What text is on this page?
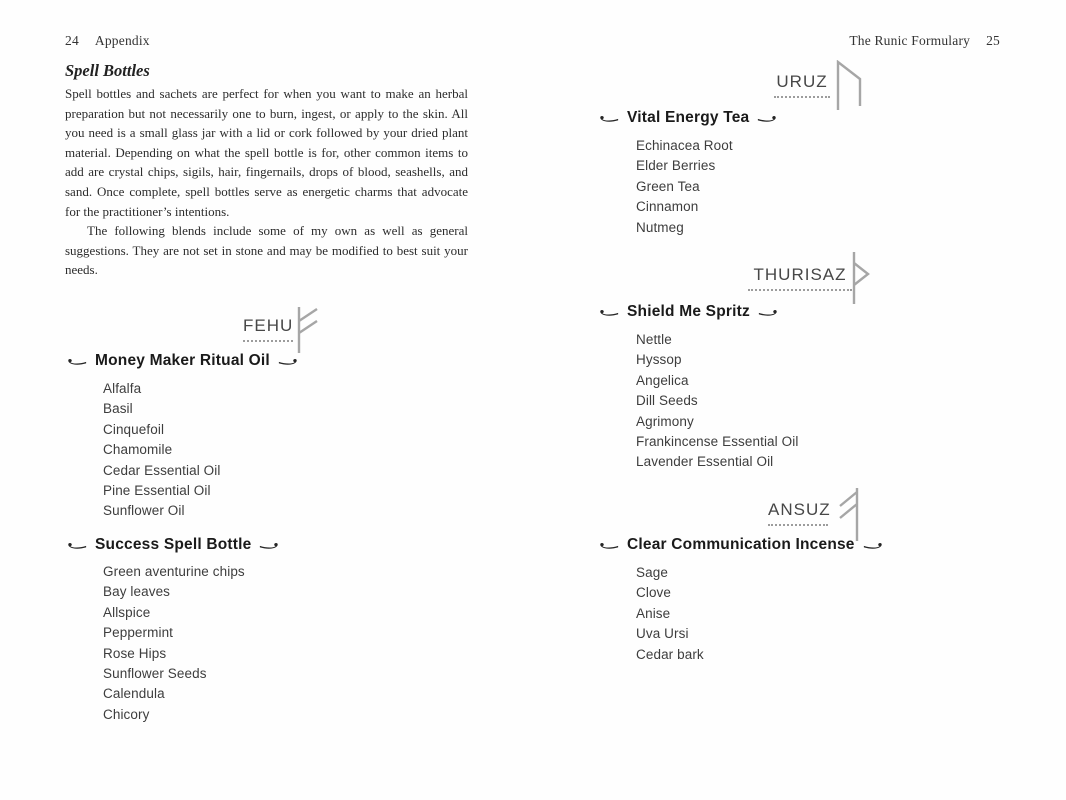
24 Appendix
Spell Bottles

Spell bottles and sachets are perfect for when you want to make an herbal preparation but not necessarily one to burn, ingest, or apply to the skin. All you need is a small glass jar with a lid or cork followed by your dried plant material. Depending on what the spell bottle is for, other common items to add are crystal chips, sigils, hair, fingernails, drops of blood, seashells, and sand. Once complete, spell bottles serve as energetic charms that advocate for the practitioner’s intentions.

The following blends include some of my own as well as general suggestions. They are not set in stone and may be modified to best suit your needs.

FEHU
Money Maker Ritual Oil
Alfalfa
Basil
Cinquefoil
Chamomile
Cedar Essential Oil
Pine Essential Oil
Sunflower Oil
Success Spell Bottle
Green aventurine chips
Bay leaves
Allspice
Peppermint
Rose Hips
Sunflower Seeds
Calendula
Chicory
The Runic Formulary 25
URUZ
Vital Energy Tea
Echinacea Root
Elder Berries
Green Tea
Cinnamon
Nutmeg
THURISAZ
Shield Me Spritz
Nettle
Hyssop
Angelica
Dill Seeds
Agrimony
Frankincense Essential Oil
Lavender Essential Oil
ANSUZ
Clear Communication Incense
Sage
Clove
Anise
Uva Ursi
Cedar bark
